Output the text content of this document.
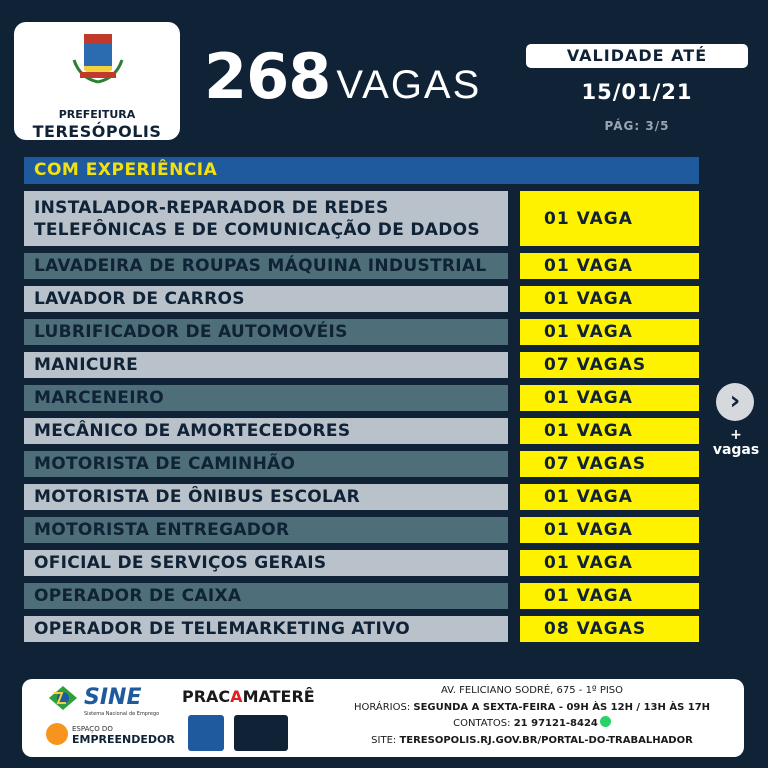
PREFEITURA
TERESÓPOLIS
268 VAGAS
VALIDADE ATÉ
15/01/21
PÁG: 3/5
COM EXPERIÊNCIA
INSTALADOR-REPARADOR DE REDES
TELEFÔNICAS E DE COMUNICAÇÃO DE DADOS
01 VAGA
LAVADEIRA DE ROUPAS MÁQUINA INDUSTRIAL	01 VAGA
LAVADOR DE CARROS	01 VAGA
LUBRIFICADOR DE AUTOMOVÉIS	01 VAGA
MANICURE	07 VAGAS
MARCENEIRO	01 VAGA
MECÂNICO DE AMORTECEDORES	01 VAGA
MOTORISTA DE CAMINHÃO	07 VAGAS
MOTORISTA DE ÔNIBUS ESCOLAR	01 VAGA
MOTORISTA ENTREGADOR	01 VAGA
OFICIAL DE SERVIÇOS GERAIS	01 VAGA
OPERADOR DE CAIXA	01 VAGA
OPERADOR DE TELEMARKETING ATIVO	08 VAGAS
›
+
vagas
SINE
Sistema Nacional de Emprego
ESPAÇO DO
EMPREENDEDOR
PRACAMATERÊ	AV. FELICIANO SODRÉ, 675 - 1º PISO
HORÁRIOS: SEGUNDA A SEXTA-FEIRA - 09H ÀS 12H / 13H ÀS 17H
CONTATOS: 21 97121-8424
SITE: TERESOPOLIS.RJ.GOV.BR/PORTAL-DO-TRABALHADOR
